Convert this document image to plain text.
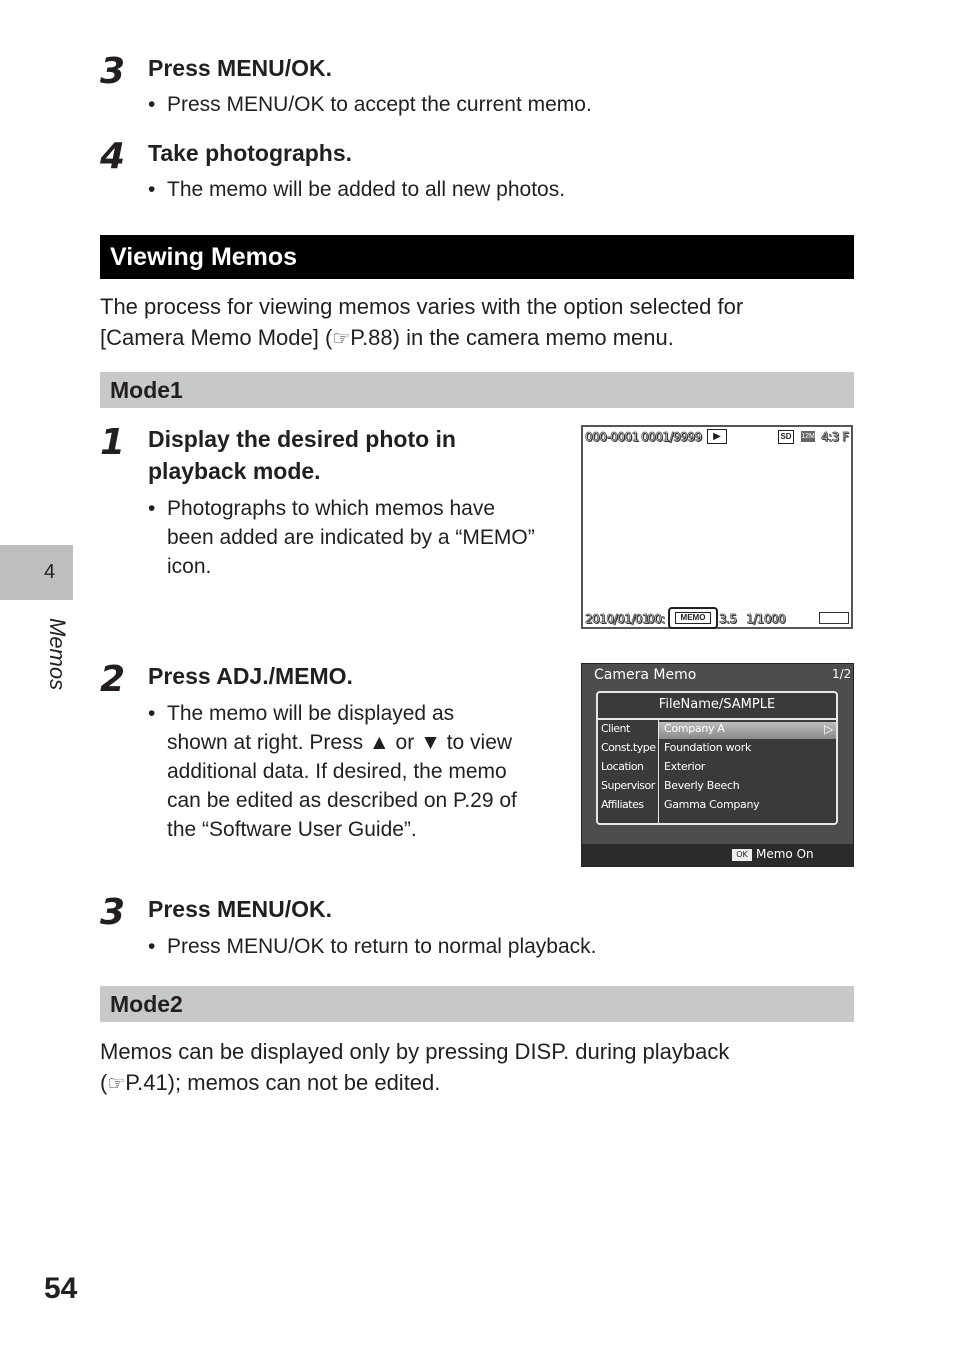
3 Press MENU/OK.
• Press MENU/OK to accept the current memo.
4 Take photographs.
• The memo will be added to all new photos.
Viewing Memos
The process for viewing memos varies with the option selected for
[Camera Memo Mode] (☞P.88) in the camera memo menu.
Mode1
1 Display the desired photo in
playback mode.
• Photographs to which memos have
been added are indicated by a “MEMO”
icon.
000-0001 0001/9999	▶	SD	12M 4:3 F
2010/01/01
00:	MEMO	3.5 1/1000
2 Press ADJ./MEMO.
• The memo will be displayed as
shown at right. Press ▲ or ▼ to view
additional data. If desired, the memo
can be edited as described on P.29 of
the “Software User Guide”.
Camera Memo	1/2
FileName/SAMPLE
▷
Client	Company A
Const.type Foundation work
Location Exterior
Supervisor Beverly Beech
Affiliates Gamma Company
OK Memo On
3 Press MENU/OK.
• Press MENU/OK to return to normal playback.
Mode2
Memos can be displayed only by pressing DISP. during playback
(☞P.41); memos can not be edited.
4
Memos
54
